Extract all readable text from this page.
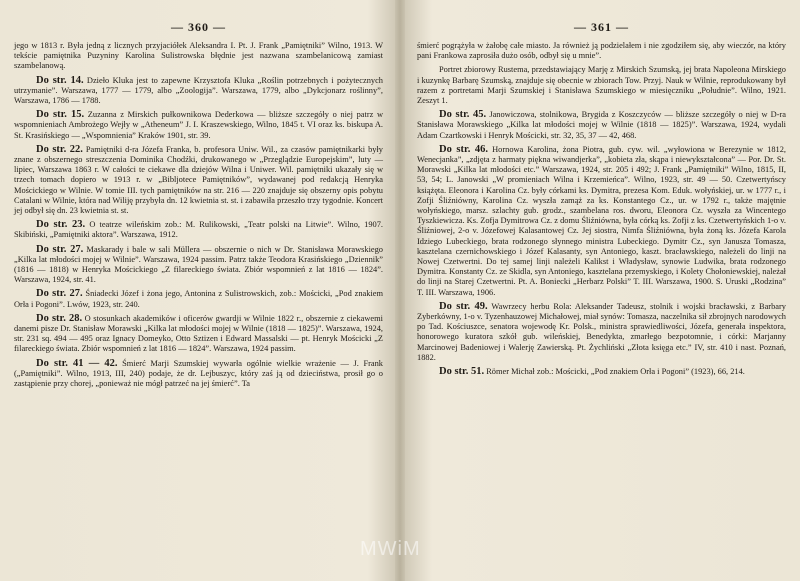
— 360 —

jego w 1813 r. Była jedną z licznych przyjaciółek Aleksandra I. Pt. J. Frank „Pamiętniki” Wilno, 1913. W tekście pamiętnika Puzyniny Karolina Sulistrowska błędnie jest nazwana szambelanicową zamiast szambelanową.

Do str. 14. Dzieło Kluka jest to zapewne Krzysztofa Kluka „Roślin potrzebnych i pożytecznych utrzymanie”. Warszawa, 1777 — 1779, albo „Zoologija”. Warszawa, 1779, albo „Dykcjonarz roślinny”, Warszawa, 1786 — 1788.

Do str. 15. Zuzanna z Mirskich pułkownikowa Dederkowa — bliższe szczegóły o niej patrz w wspomnieniach Ambrożego Wejły w „Atheneum” J. I. Kraszewskiego, Wilno, 1845 t. VI oraz ks. biskupa A. St. Krasińskiego — „Wspomnienia” Kraków 1901, str. 39.

Do str. 22. Pamiętniki d-ra Józefa Franka, b. profesora Uniw. Wil., za czasów pamiętnikarki były znane z obszernego streszczenia Dominika Chodźki, drukowanego w „Przeglądzie Europejskim”, luty — lipiec, Warszawa 1863 r. W całości te ciekawe dla dziejów Wilna i Uniwer. Wil. pamiętniki ukazały się w trzech tomach dopiero w 1913 r. w „Bibljotece Pamiętników”, wydawanej pod redakcją Henryka Mościckiego w Wilnie. W tomie III. tych pamiętników na str. 216 — 220 znajduje się obszerny opis pobytu Catalani w Wilnie, która nad Wiliję przybyła dn. 12 kwietnia st. st. i zabawiła przeszło trzy tygodnie. Koncert jej odbył się dn. 23 kwietnia st. st.

Do str. 23. O teatrze wileńskim zob.: M. Rulikowski, „Teatr polski na Litwie”. Wilno, 1907. Skibiński, „Pamiętniki aktora”. Warszawa, 1912.

Do str. 27. Maskarady i bale w sali Müllera — obszernie o nich w Dr. Stanisława Morawskiego „Kilka lat młodości mojej w Wilnie”. Warszawa, 1924 passim. Patrz także Teodora Krasińskiego „Dziennik” (1816 — 1818) w Henryka Mościckiego „Z filareckiego świata. Zbiór wspomnień z lat 1816 — 1824”. Warszawa, 1924, str. 41.

Do str. 27. Śniadecki Józef i żona jego, Antonina z Sulistrowskich, zob.: Mościcki, „Pod znakiem Orła i Pogoni”. Lwów, 1923, str. 240.

Do str. 28. O stosunkach akademików i oficerów gwardji w Wilnie 1822 r., obszernie z ciekawemi danemi pisze Dr. Stanisław Morawski „Kilka lat młodości mojej w Wilnie (1818 — 1825)”. Warszawa, 1924, str. 231 sq. 494 — 495 oraz Ignacy Domeyko, Otto Sztizen i Edward Massalski — pt. Henryk Mościcki „Z filareckiego świata. Zbiór wspomnień z lat 1816 — 1824”. Warszawa, 1924 passim.

Do str. 41 — 42. Śmierć Marji Szumskiej wywarła ogólnie wielkie wrażenie — J. Frank („Pamiętniki”. Wilno, 1913, III, 240) podaje, że dr. Lejbuszyc, który zaś ją od dzieciństwa, prosił go o zastąpienie przy chorej, „ponieważ nie mógł patrzeć na jej śmierć”. Ta

— 361 —

śmierć pogrążyła w żałobę całe miasto. Ja również ją podzielałem i nie zgodziłem się, aby wieczór, na który pani Frankowa zaprosiła dużo osób, odbył się u mnie”.

Portret zbiorowy Rustema, przedstawiający Marję z Mirskich Szumską, jej brata Napoleona Mirskiego i kuzynkę Barbarę Szumską, znajduje się obecnie w zbiorach Tow. Przyj. Nauk w Wilnie, reprodukowany był razem z portretami Marji Szumskiej i Stanisława Szumskiego w miesięczniku „Południe”. Wilno, 1921. Zeszyt 1.

Do str. 45. Janowiczowa, stolnikowa, Brygida z Koszczyców — bliższe szczegóły o niej w D-ra Stanisława Morawskiego „Kilka lat młodości mojej w Wilnie (1818 — 1825)”. Warszawa, 1924, wydali Adam Czartkowski i Henryk Mościcki, str. 32, 35, 37 — 42, 468.

Do str. 46. Hornowa Karolina, żona Piotra, gub. cyw. wil. „wyłowiona w Berezynie w 1812, Wenecjanka”, „zdjęta z harmaty piękna wiwandjerka”, „kobieta zła, skąpa i niewykształcona” — Por. Dr. St. Morawski „Kilka lat młodości etc.” Warszawa, 1924, str. 205 i 492; J. Frank „Pamiętniki” Wilno, 1815, II, 53, 54; L. Janowski „W promieniach Wilna i Krzemieńca”. Wilno, 1923, str. 49 — 50. Czetwertyńscy książęta. Eleonora i Karolina Cz. były córkami ks. Dymitra, prezesa Kom. Eduk. wołyńskiej, ur. w 1777 r., i Zofji Śliźniówny, Karolina Cz. wyszła zamąż za ks. Konstantego Cz., ur. w 1792 r., także majętnie wołyńskiego, marsz. szlachty gub. grodz., szambelana ros. dworu, Eleonora Cz. wyszła za Wincentego Tyszkiewicza. Ks. Zofja Dymitrowa Cz. z domu Śliźniówna, była córką ks. Zofji z ks. Czetwertyńskich 1-o v. Śliźniowej, 2-o v. Józefowej Kalasantowej Cz. Jej siostra, Nimfa Śliźniówna, była żoną ks. Józefa Karola Idziego Lubeckiego, brata rodzonego słynnego ministra Lubeckiego. Dymitr Cz., syn Janusza Tomasza, kasztelana czernichowskiego i Józef Kalasanty, syn Antoniego, kaszt. bracławskiego, należeli do linji na Nowej Czetwertni. Do tej samej linji należeli Kalikst i Władysław, synowie Ludwika, brata rodzonego Dymitra. Konstanty Cz. ze Skidla, syn Antoniego, kasztelana przemyskiego, i Kolety Chołoniewskiej, należał do linji na Starej Czetwertni. Pt. A. Boniecki „Herbarz Polski” T. III. Warszawa, 1900. S. Uruski „Rodzina” T. III. Warszawa, 1906.

Do str. 49. Wawrzecy herbu Rola: Aleksander Tadeusz, stolnik i wojski bracławski, z Barbary Zyberkówny, 1-o v. Tyzenhauzowej Michałowej, miał synów: Tomasza, naczelnika sił zbrojnych narodowych po Tad. Kościuszce, senatora wojewodę Kr. Polsk., ministra sprawiedliwości, Józefa, generała inspektora, honorowego kuratora szkół gub. wileńskiej, Benedykta, zmarłego bezpotomnie, i córki: Marjanny Marcinowej Badeniowej i Walerję Zawierską. Pt. Żychliński „Złota księga etc.” IV, str. 410 i nast. Poznań, 1882.

Do str. 51. Römer Michał zob.: Mościcki, „Pod znakiem Orła i Pogoni” (1923), 66, 214.

MWiM
